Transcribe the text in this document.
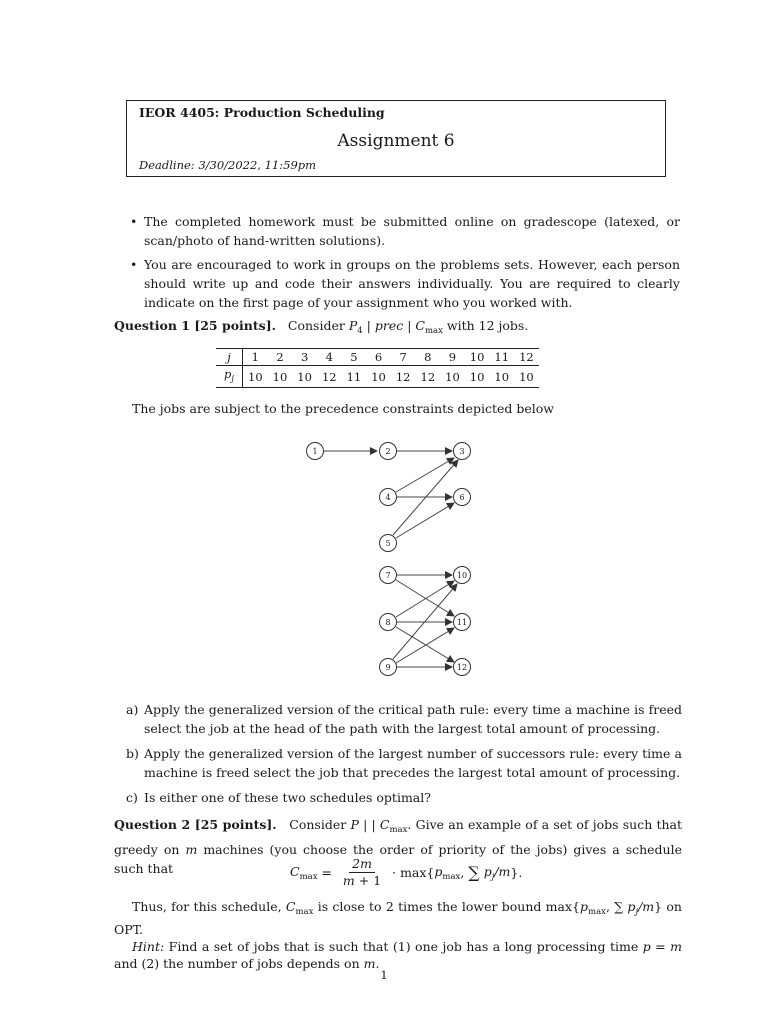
IEOR 4405: Production Scheduling
Assignment 6
Deadline: 3/30/2022, 11:59pm
• The completed homework must be submitted online on gradescope (latexed, or scan/photo of hand-written solutions).
• You are encouraged to work in groups on the problems sets. However, each person should write up and code their answers individually. You are required to clearly indicate on the first page of your assignment who you worked with.
Question 1 [25 points]. Consider $P_4$ | prec | $C_{max}$ with 12 jobs.
j	1	2	3	4	5	6	7	8	9	10	11	12
$p_j$	10	10	10	12	11	10	12	12	10	10	10	10
The jobs are subject to the precedence constraints depicted below
1	2	3
4
5
6
7
8
9
10
11
12
a) Apply the generalized version of the critical path rule: every time a machine is freed select the job at the head of the path with the largest total amount of processing.
b) Apply the generalized version of the largest number of successors rule: every time a machine is freed select the job that precedes the largest total amount of processing.
c) Is either one of these two schedules optimal?
Question 2 [25 points]. Consider P | | $C_{max}$. Give an example of a set of jobs such that greedy on m machines (you choose the order of priority of the jobs) gives a schedule such that	$C_{max} = \frac{2m}{m + 1} \cdot \max${ $p_{max}$ , ∑
$p_j/m$ }.

Thus, for this schedule, $C_{max}$ is close to 2 times the lower bound $\max\{p_{max}$, ∑ $p_j/m$} on OPT.

Hint: Find a set of jobs that is such that (1) one job has a long processing time p = m and (2) the number of jobs depends on m.

1
